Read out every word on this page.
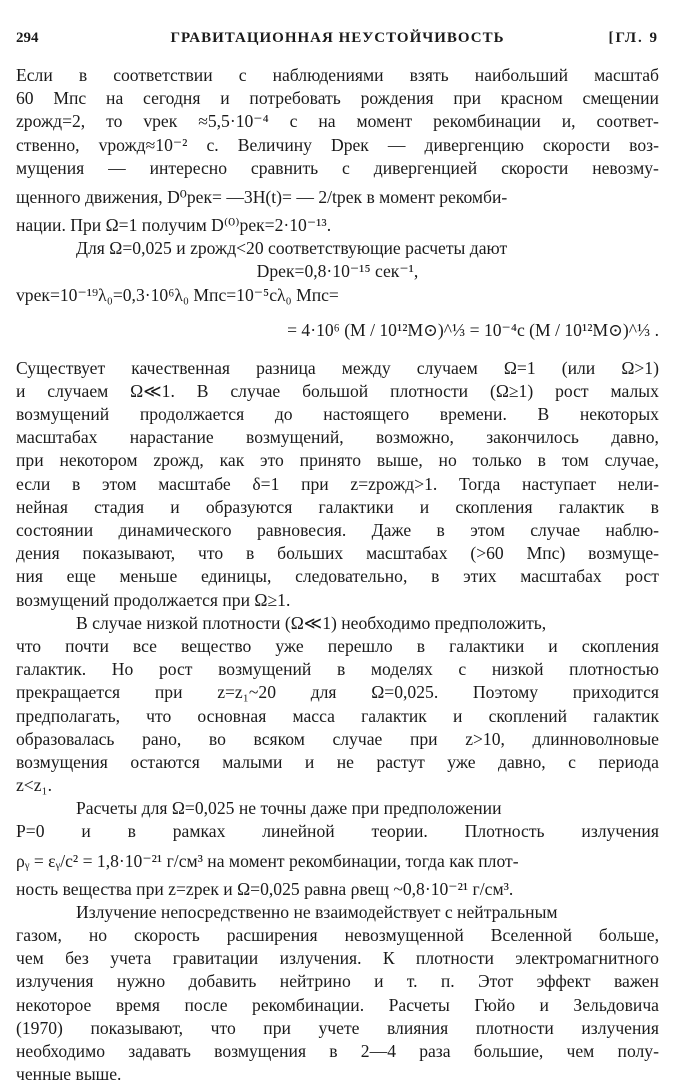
294	ГРАВИТАЦИОННАЯ НЕУСТОЙЧИВОСТЬ	[ГЛ. 9
Если в соответствии с наблюдениями взять наибольший масштаб
60 Mпс на сегодня и потребовать рождения при красном смещении
zрожд=2, то vрек ≈5,5·10⁻⁴ c на момент рекомбинации и, соответ-
ственно, vрожд≈10⁻² c. Величину Dрек — дивергенцию скорости воз-
мущения — интересно сравнить с дивергенцией скорости невозму-
щенного движения, D⁰рек= —3H(t)= — 2/tрек в момент рекомби-
нации. При Ω=1 получим D⁽⁰⁾рек=2·10⁻¹³.
Для Ω=0,025 и zрожд<20 соответствующие расчеты дают
Dрек=0,8·10⁻¹⁵ сек⁻¹,
vрек=10⁻¹⁹λ₀=0,3·10⁶λ₀ Mпс=10⁻⁵cλ₀ Mпс=
= 4·10⁶ (M / 10¹²M⊙)^⅓ = 10⁻⁴c (M / 10¹²M⊙)^⅓ .
Существует качественная разница между случаем Ω=1 (или Ω>1)
и случаем Ω≪1. В случае большой плотности (Ω≥1) рост малых
возмущений продолжается до настоящего времени. В некоторых
масштабах нарастание возмущений, возможно, закончилось давно,
при некотором zрожд, как это принято выше, но только в том случае,
если в этом масштабе δ=1 при z=zрожд>1. Тогда наступает нели-
нейная стадия и образуются галактики и скопления галактик в
состоянии динамического равновесия. Даже в этом случае наблю-
дения показывают, что в больших масштабах (>60 Mпс) возмуще-
ния еще меньше единицы, следовательно, в этих масштабах рост
возмущений продолжается при Ω≥1.
В случае низкой плотности (Ω≪1) необходимо предположить,
что почти все вещество уже перешло в галактики и скопления
галактик. Но рост возмущений в моделях с низкой плотностью
прекращается при z=z₁~20 для Ω=0,025. Поэтому приходится
предполагать, что основная масса галактик и скоплений галактик
образовалась рано, во всяком случае при z>10, длинноволновые
возмущения остаются малыми и не растут уже давно, с периода
z<z₁.
Расчеты для Ω=0,025 не точны даже при предположении
P=0 и в рамках линейной теории. Плотность излучения
ρᵧ = εᵧ/c² = 1,8·10⁻²¹ г/см³ на момент рекомбинации, тогда как плот-
ность вещества при z=zрек и Ω=0,025 равна ρвещ ~0,8·10⁻²¹ г/см³.
Излучение непосредственно не взаимодействует с нейтральным
газом, но скорость расширения невозмущенной Вселенной больше,
чем без учета гравитации излучения. К плотности электромагнитного
излучения нужно добавить нейтрино и т. п. Этот эффект важен
некоторое время после рекомбинации. Расчеты Гюйо и Зельдовича
(1970) показывают, что при учете влияния плотности излучения
необходимо задавать возмущения в 2—4 раза большие, чем полу-
ченные выше.
